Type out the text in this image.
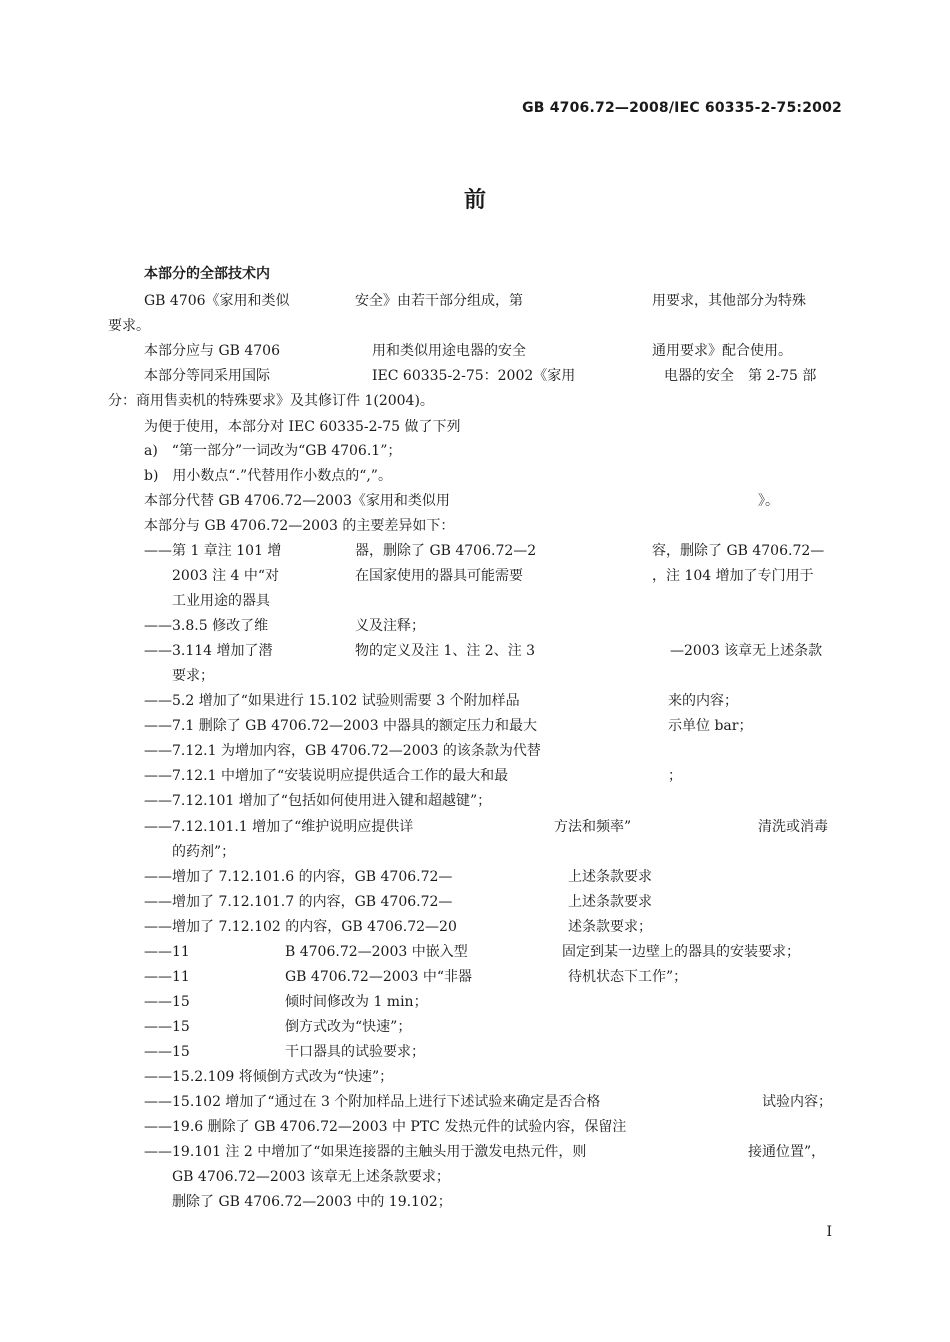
GB 4706.72—2008/IEC 60335-2-75:2002
前
本部分的全部技术内
GB 4706《家用和类似	安全》由若干部分组成，第	用要求，其他部分为特殊
要求。
本部分应与 GB 4706	用和类似用途电器的安全	通用要求》配合使用。
本部分等同采用国际	IEC 60335-2-75：2002《家用	电器的安全　第 2-75 部
分：商用售卖机的特殊要求》及其修订件 1(2004)。
为便于使用，本部分对 IEC 60335-2-75 做了下列
a)　“第一部分”一词改为“GB 4706.1”；
b)　用小数点“.”代替用作小数点的“,”。
本部分代替 GB 4706.72—2003《家用和类似用	》。
本部分与 GB 4706.72—2003 的主要差异如下：
——第 1 章注 101 增	器，删除了 GB 4706.72—2	容，删除了 GB 4706.72—
2003 注 4 中“对	在国家使用的器具可能需要	，注 104 增加了专门用于
工业用途的器具
——3.8.5 修改了维	义及注释；
——3.114 增加了潜	物的定义及注 1、注 2、注 3	—2003 该章无上述条款
要求；
——5.2 增加了“如果进行 15.102 试验则需要 3 个附加样品	来的内容；
——7.1 删除了 GB 4706.72—2003 中器具的额定压力和最大	示单位 bar；
——7.12.1 为增加内容，GB 4706.72—2003 的该条款为代替
——7.12.1 中增加了“安装说明应提供适合工作的最大和最	；
——7.12.101 增加了“包括如何使用进入键和超越键”；
——7.12.101.1 增加了“维护说明应提供详	方法和频率”	清洗或消毒
的药剂”；
——增加了 7.12.101.6 的内容，GB 4706.72—	上述条款要求
——增加了 7.12.101.7 的内容，GB 4706.72—	上述条款要求
——增加了 7.12.102 的内容，GB 4706.72—20	述条款要求；
——11	B 4706.72—2003 中嵌入型	固定到某一边壁上的器具的安装要求；
——11	GB 4706.72—2003 中“非器	待机状态下工作”；
——15	倾时间修改为 1 min；
——15	倒方式改为“快速”；
——15	干口器具的试验要求；
——15.2.109 将倾倒方式改为“快速”；
——15.102 增加了“通过在 3 个附加样品上进行下述试验来确定是否合格	试验内容；
——19.6 删除了 GB 4706.72—2003 中 PTC 发热元件的试验内容，保留注
——19.101 注 2 中增加了“如果连接器的主触头用于激发电热元件，则	接通位置”，
GB 4706.72—2003 该章无上述条款要求；
删除了 GB 4706.72—2003 中的 19.102；
I
